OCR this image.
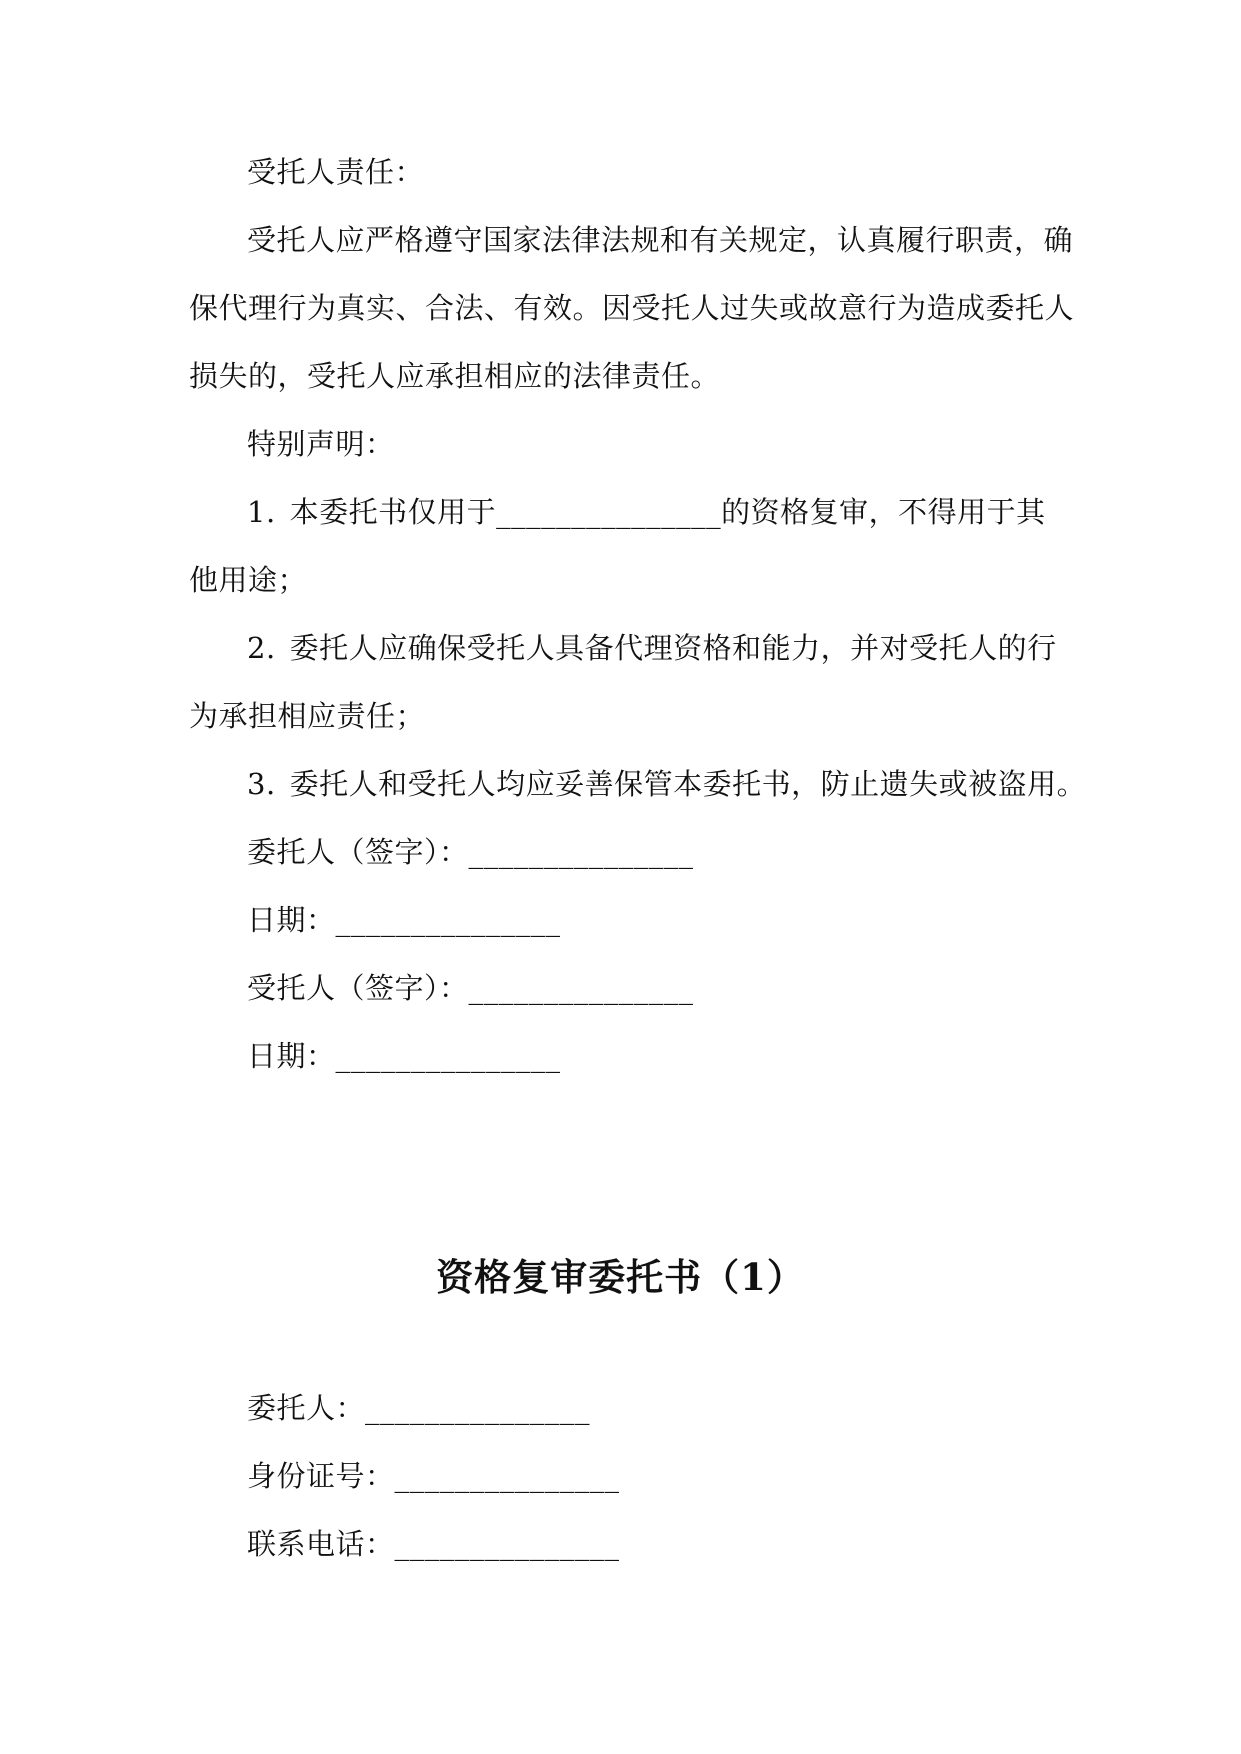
受托人责任：
受托人应严格遵守国家法律法规和有关规定，认真履行职责，确
保代理行为真实、合法、有效。因受托人过失或故意行为造成委托人
损失的，受托人应承担相应的法律责任。
特别声明：
1. 本委托书仅用于_______________的资格复审，不得用于其
他用途；
2. 委托人应确保受托人具备代理资格和能力，并对受托人的行
为承担相应责任；
3. 委托人和受托人均应妥善保管本委托书，防止遗失或被盗用。
委托人（签字）：_______________
日期：_______________
受托人（签字）：_______________
日期：_______________
资格复审委托书（1）
委托人：_______________
身份证号：_______________
联系电话：_______________
